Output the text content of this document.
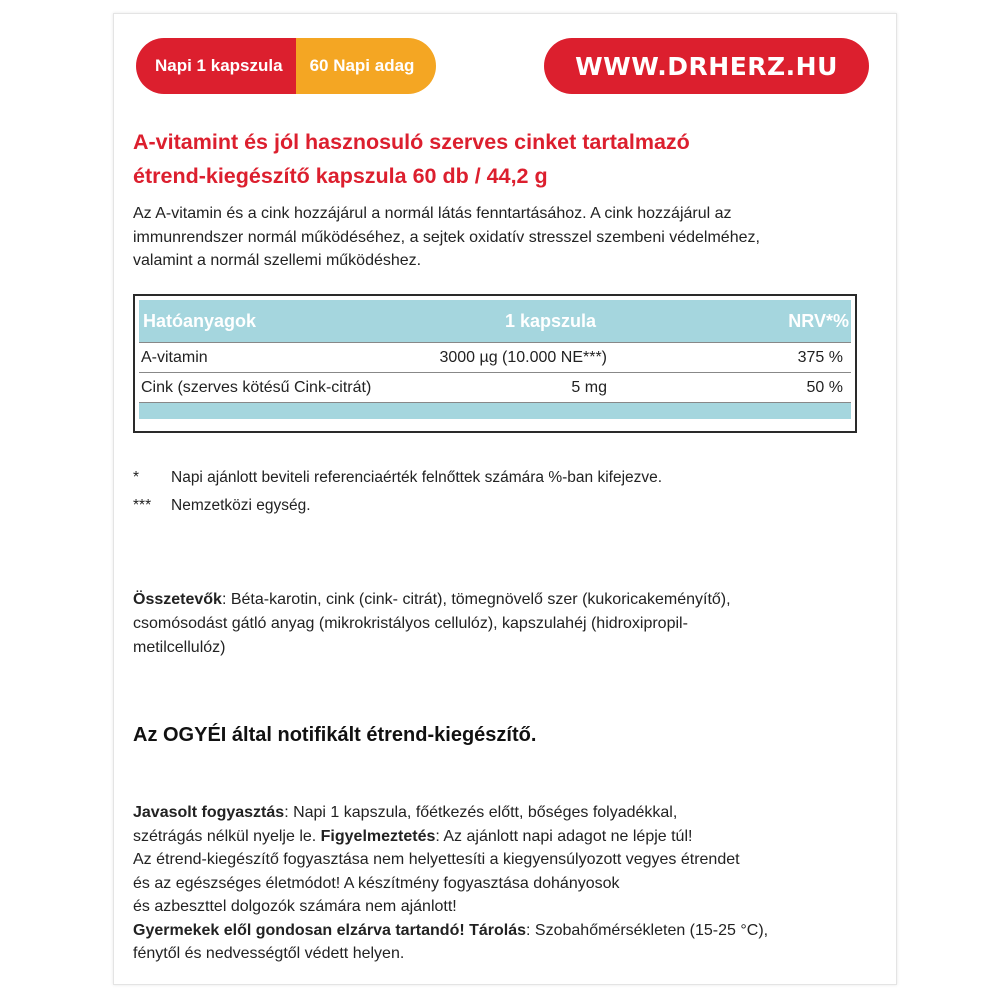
Napi 1 kapszula	60 Napi adag	WWW.DRHERZ.HU
A-vitamint és jól hasznosuló szerves cinket tartalmazó
étrend-kiegészítő kapszula 60 db / 44,2 g

Az A-vitamin és a cink hozzájárul a normál látás fenntartásához. A cink hozzájárul az
immunrendszer normál működéséhez, a sejtek oxidatív stresszel szembeni védelméhez,
valamint a normál szellemi működéshez.

Hatóanyagok	1 kapszula	NRV*%
A-vitamin	3000 µg (10.000 NE***)	375 %
Cink (szerves kötésű Cink-citrát)	5 mg	50 %
* Napi ajánlott beviteli referenciaérték felnőttek számára %-ban kifejezve.
*** Nemzetközi egység.

Összetevők: Béta-karotin, cink (cink- citrát), tömegnövelő szer (kukoricakeményítő),
csomósodást gátló anyag (mikrokristályos cellulóz), kapszulahéj (hidroxipropil-
metilcellulóz)

Az OGYÉI által notifikált étrend-kiegészítő.

Javasolt fogyasztás: Napi 1 kapszula, főétkezés előtt, bőséges folyadékkal,
szétrágás nélkül nyelje le. Figyelmeztetés: Az ajánlott napi adagot ne lépje túl!
Az étrend-kiegészítő fogyasztása nem helyettesíti a kiegyensúlyozott vegyes étrendet
és az egészséges életmódot! A készítmény fogyasztása dohányosok
és azbeszttel dolgozók számára nem ajánlott!
Gyermekek elől gondosan elzárva tartandó! Tárolás: Szobahőmérsékleten (15-25 °C),
fénytől és nedvességtől védett helyen.
